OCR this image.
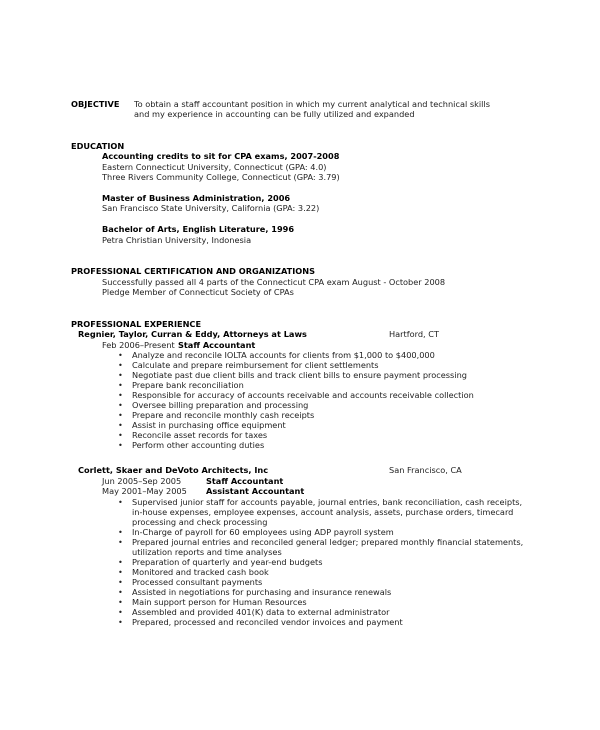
OBJECTIVE To obtain a staff accountant position in which my current analytical and technical skills
and my experience in accounting can be fully utilized and expanded
EDUCATION
Accounting credits to sit for CPA exams, 2007-2008
Eastern Connecticut University, Connecticut (GPA: 4.0)
Three Rivers Community College, Connecticut (GPA: 3.79)
Master of Business Administration, 2006
San Francisco State University, California (GPA: 3.22)
Bachelor of Arts, English Literature, 1996
Petra Christian University, Indonesia
PROFESSIONAL CERTIFICATION AND ORGANIZATIONS
Successfully passed all 4 parts of the Connecticut CPA exam August - October 2008
Pledge Member of Connecticut Society of CPAs
PROFESSIONAL EXPERIENCE
Regnier, Taylor, Curran & Eddy, Attorneys at Laws	Hartford, CT
Feb 2006–Present Staff Accountant
• Analyze and reconcile IOLTA accounts for clients from $1,000 to $400,000
• Calculate and prepare reimbursement for client settlements
• Negotiate past due client bills and track client bills to ensure payment processing
• Prepare bank reconciliation
• Responsible for accuracy of accounts receivable and accounts receivable collection
• Oversee billing preparation and processing
• Prepare and reconcile monthly cash receipts
• Assist in purchasing office equipment
• Reconcile asset records for taxes
• Perform other accounting duties
Corlett, Skaer and DeVoto Architects, Inc	San Francisco, CA
Jun 2005–Sep 2005	Staff Accountant
May 2001–May 2005 Assistant Accountant
• Supervised junior staff for accounts payable, journal entries, bank reconciliation, cash receipts, in-house expenses, employee expenses, account analysis, assets, purchase orders, timecard processing and check processing
• In-Charge of payroll for 60 employees using ADP payroll system
• Prepared journal entries and reconciled general ledger; prepared monthly financial statements, utilization reports and time analyses
• Preparation of quarterly and year-end budgets
• Monitored and tracked cash book
• Processed consultant payments
• Assisted in negotiations for purchasing and insurance renewals
• Main support person for Human Resources
• Assembled and provided 401(K) data to external administrator
• Prepared, processed and reconciled vendor invoices and payment
